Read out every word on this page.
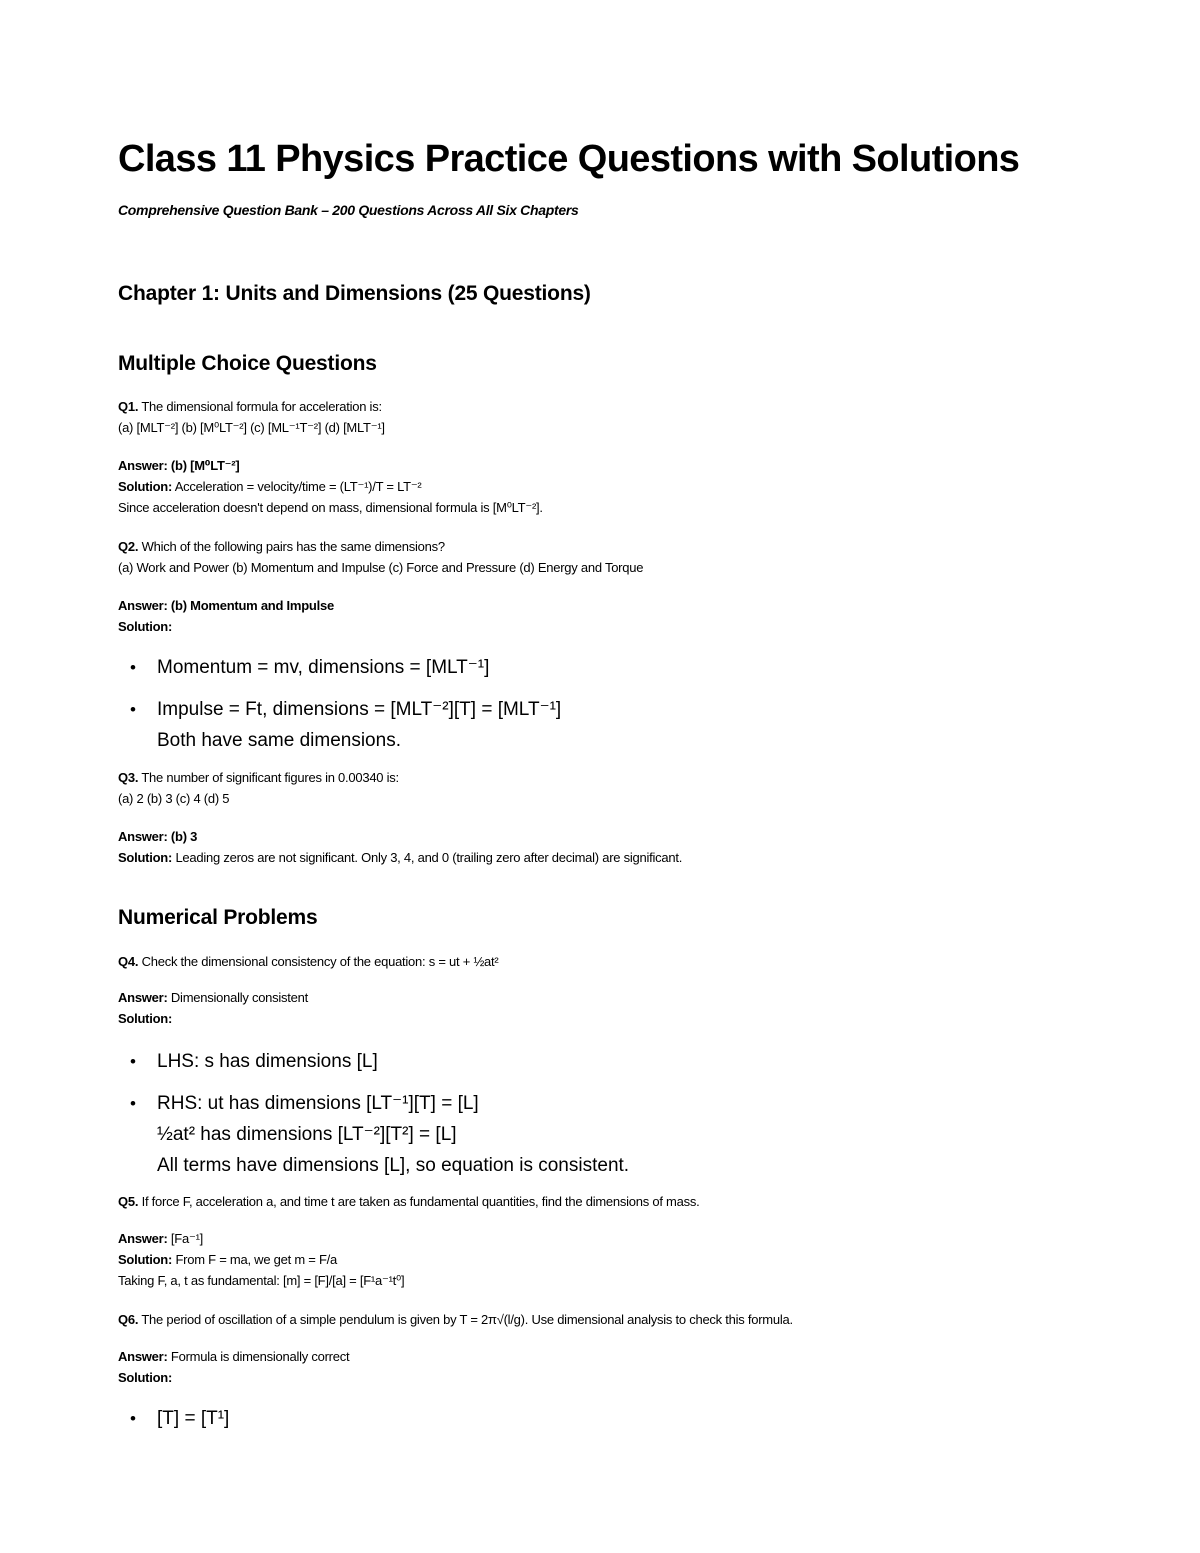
Class 11 Physics Practice Questions with Solutions
Comprehensive Question Bank – 200 Questions Across All Six Chapters
Chapter 1: Units and Dimensions (25 Questions)
Multiple Choice Questions
Q1. The dimensional formula for acceleration is:
(a) [MLT⁻²] (b) [M⁰LT⁻²] (c) [ML⁻¹T⁻²] (d) [MLT⁻¹]
Answer: (b) [M⁰LT⁻²]
Solution: Acceleration = velocity/time = (LT⁻¹)/T = LT⁻²
Since acceleration doesn't depend on mass, dimensional formula is [M⁰LT⁻²].
Q2. Which of the following pairs has the same dimensions?
(a) Work and Power (b) Momentum and Impulse (c) Force and Pressure (d) Energy and Torque
Answer: (b) Momentum and Impulse
Solution:
• Momentum = mv, dimensions = [MLT⁻¹]
• Impulse = Ft, dimensions = [MLT⁻²][T] = [MLT⁻¹]
Both have same dimensions.
Q3. The number of significant figures in 0.00340 is:
(a) 2 (b) 3 (c) 4 (d) 5
Answer: (b) 3
Solution: Leading zeros are not significant. Only 3, 4, and 0 (trailing zero after decimal) are significant.
Numerical Problems
Q4. Check the dimensional consistency of the equation: s = ut + ½at²
Answer: Dimensionally consistent
Solution:
• LHS: s has dimensions [L]
• RHS: ut has dimensions [LT⁻¹][T] = [L]
½at² has dimensions [LT⁻²][T²] = [L]
All terms have dimensions [L], so equation is consistent.
Q5. If force F, acceleration a, and time t are taken as fundamental quantities, find the dimensions of mass.
Answer: [Fa⁻¹]
Solution: From F = ma, we get m = F/a
Taking F, a, t as fundamental: [m] = [F]/[a] = [F¹a⁻¹t⁰]
Q6. The period of oscillation of a simple pendulum is given by T = 2π√(l/g). Use dimensional analysis to check this formula.
Answer: Formula is dimensionally correct
Solution:
• [T] = [T¹]
